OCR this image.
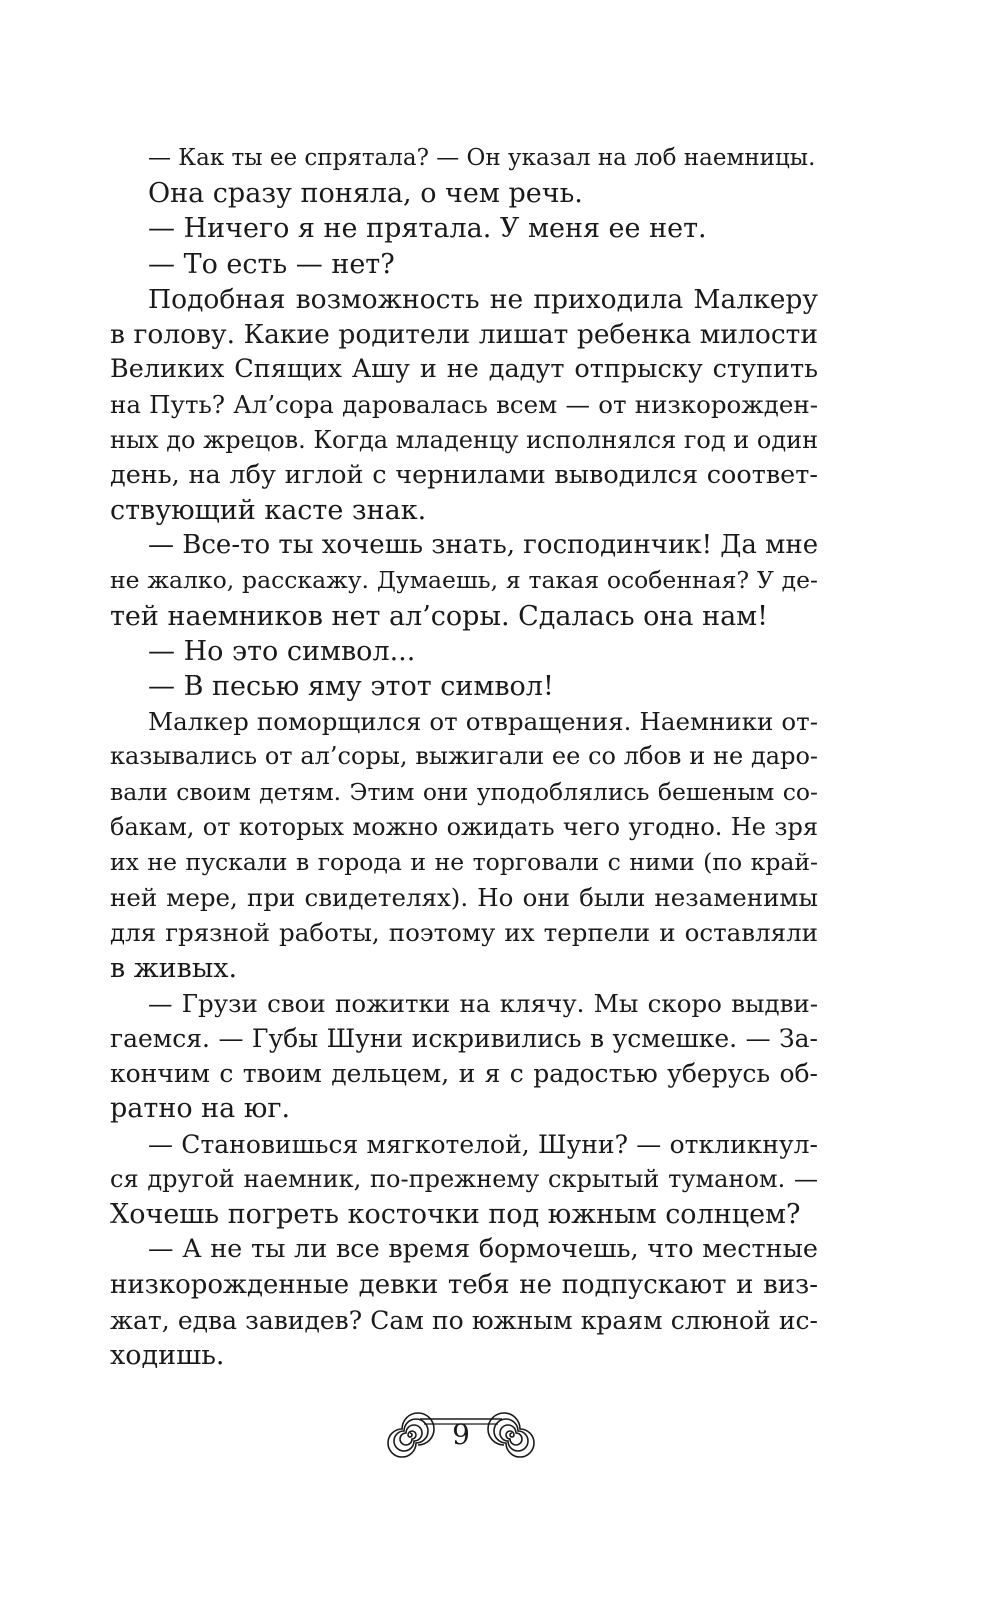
— Как ты ее спрятала? — Он указал на лоб наемницы.
Она сразу поняла, о чем речь.
— Ничего я не прятала. У меня ее нет.
— То есть — нет?
Подобная возможность не приходила Малкеру
в голову. Какие родители лишат ребенка милости
Великих Спящих Ашу и не дадут отпрыску ступить
на Путь? Ал’сора даровалась всем — от низкорожден-
ных до жрецов. Когда младенцу исполнялся год и один
день, на лбу иглой с чернилами выводился соответ-
ствующий касте знак.
— Все-то ты хочешь знать, господинчик! Да мне
не жалко, расскажу. Думаешь, я такая особенная? У де-
тей наемников нет ал’соры. Сдалась она нам!
— Но это символ...
— В песью яму этот символ!
Малкер поморщился от отвращения. Наемники от-
казывались от ал’соры, выжигали ее со лбов и не даро-
вали своим детям. Этим они уподоблялись бешеным со-
бакам, от которых можно ожидать чего угодно. Не зря
их не пускали в города и не торговали с ними (по край-
ней мере, при свидетелях). Но они были незаменимы
для грязной работы, поэтому их терпели и оставляли
в живых.
— Грузи свои пожитки на клячу. Мы скоро выдви-
гаемся. — Губы Шуни искривились в усмешке. — За-
кончим с твоим дельцем, и я с радостью уберусь об-
ратно на юг.
— Становишься мягкотелой, Шуни? — откликнул-
ся другой наемник, по-прежнему скрытый туманом. —
Хочешь погреть косточки под южным солнцем?
— А не ты ли все время бормочешь, что местные
низкорожденные девки тебя не подпускают и виз-
жат, едва завидев? Сам по южным краям слюной ис-
ходишь.
9
